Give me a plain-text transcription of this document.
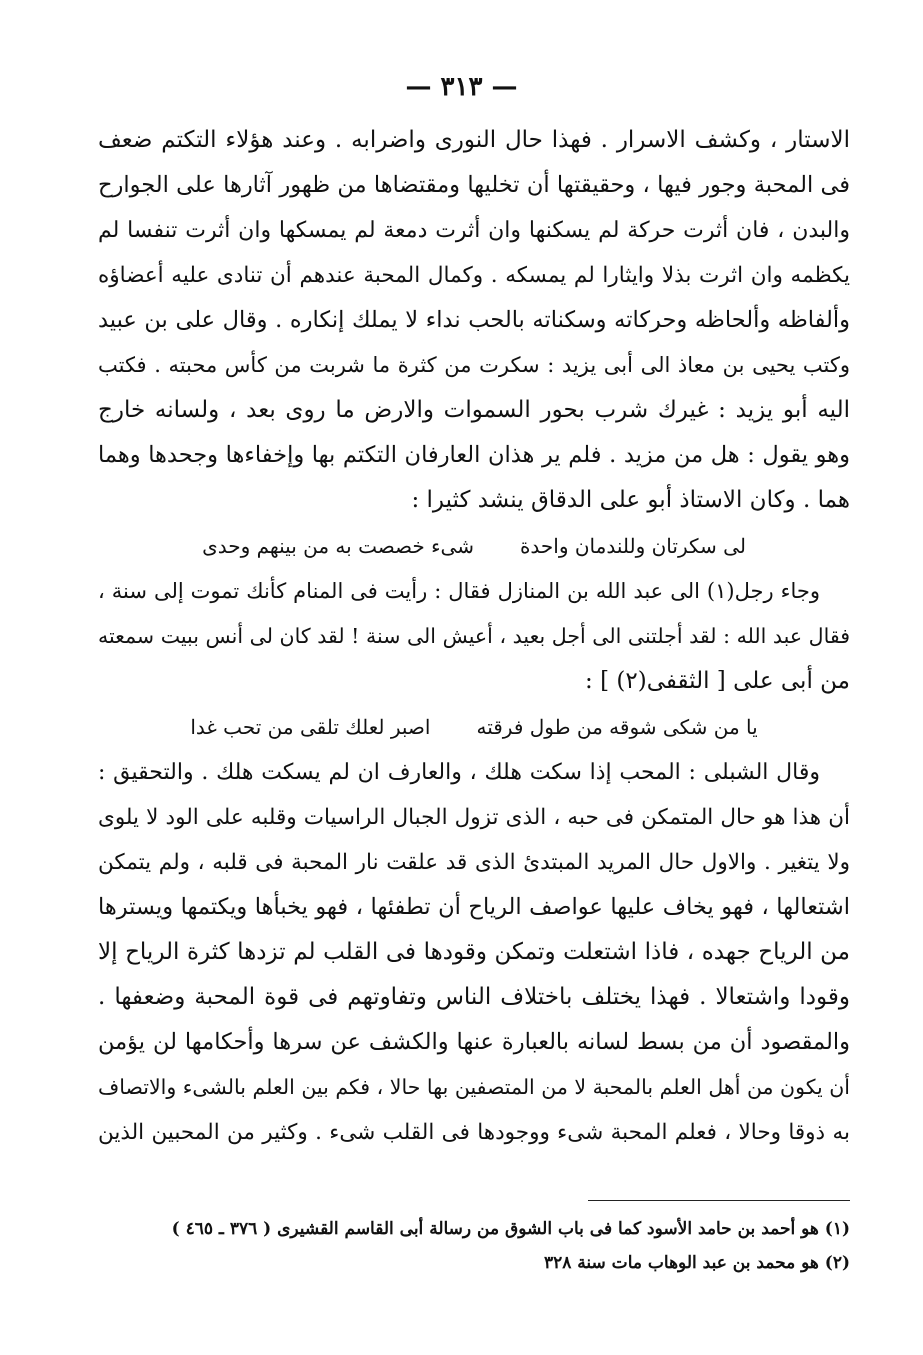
— ٣١٣ —
الاستار ، وكشف الاسرار . فهذا حال النورى واضرابه . وعند هؤلاء التكتم ضعف
فى المحبة وجور فيها ، وحقيقتها أن تخليها ومقتضاها من ظهور آثارها على الجوارح
والبدن ، فان أثرت حركة لم يسكنها وان أثرت دمعة لم يمسكها وان أثرت تنفسا لم
يكظمه وان اثرت بذلا وايثارا لم يمسكه . وكمال المحبة عندهم أن تنادى عليه أعضاؤه
وألفاظه وألحاظه وحركاته وسكناته بالحب نداء لا يملك إنكاره . وقال على بن عبيد
وكتب يحيى بن معاذ الى أبى يزيد : سكرت من كثرة ما شربت من كأس محبته . فكتب
اليه أبو يزيد : غيرك شرب بحور السموات والارض ما روى بعد ، ولسانه خارج
وهو يقول : هل من مزيد . فلم ير هذان العارفان التكتم بها وإخفاءها وجحدها وهما
هما . وكان الاستاذ أبو على الدقاق ينشد كثيرا :
لى سكرتان وللندمان واحدة
شىء خصصت به من بينهم وحدى
وجاء رجل(١) الى عبد الله بن المنازل فقال : رأيت فى المنام كأنك تموت إلى سنة ،
فقال عبد الله : لقد أجلتنى الى أجل بعيد ، أعيش الى سنة ! لقد كان لى أنس ببيت سمعته
من أبى على [ الثقفى(٢) ] :
يا من شكى شوقه من طول فرقته
اصبر لعلك تلقى من تحب غدا
وقال الشبلى : المحب إذا سكت هلك ، والعارف ان لم يسكت هلك . والتحقيق :
أن هذا هو حال المتمكن فى حبه ، الذى تزول الجبال الراسيات وقلبه على الود لا يلوى
ولا يتغير . والاول حال المريد المبتدئ الذى قد علقت نار المحبة فى قلبه ، ولم يتمكن
اشتعالها ، فهو يخاف عليها عواصف الرياح أن تطفئها ، فهو يخبأها ويكتمها ويسترها
من الرياح جهده ، فاذا اشتعلت وتمكن وقودها فى القلب لم تزدها كثرة الرياح إلا
وقودا واشتعالا . فهذا يختلف باختلاف الناس وتفاوتهم فى قوة المحبة وضعفها .
والمقصود أن من بسط لسانه بالعبارة عنها والكشف عن سرها وأحكامها لن يؤمن
أن يكون من أهل العلم بالمحبة لا من المتصفين بها حالا ، فكم بين العلم بالشىء والاتصاف
به ذوقا وحالا ، فعلم المحبة شىء ووجودها فى القلب شىء . وكثير من المحبين الذين
(١) هو أحمد بن حامد الأسود كما فى باب الشوق من رسالة أبى القاسم القشيرى ( ٣٧٦ ـ ٤٦٥ )
(٢) هو محمد بن عبد الوهاب مات سنة ٣٢٨
